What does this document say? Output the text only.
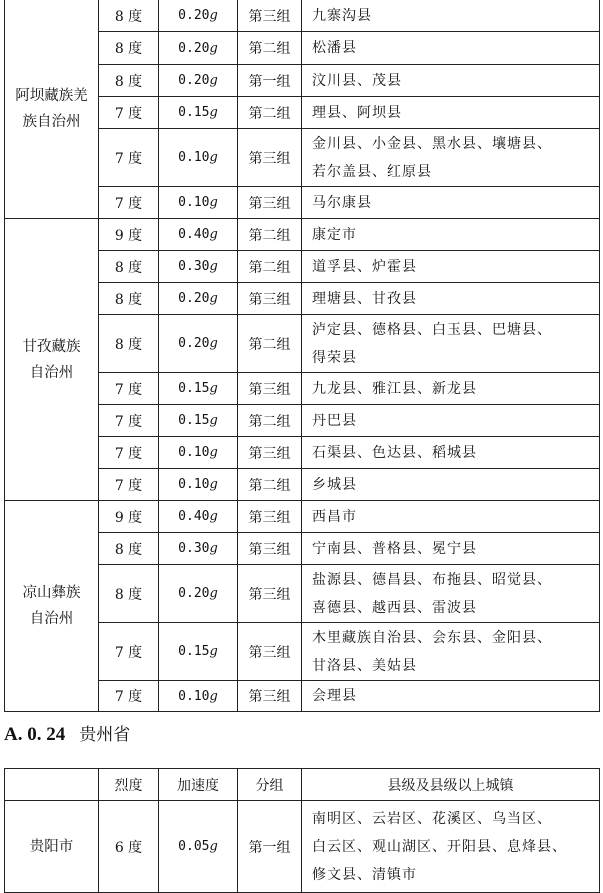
阿坝藏族羌
族自治州	8 度	0.20g	第三组	九寨沟县

	8 度	0.20g	第二组	松潘县

	8 度	0.20g	第一组	汶川县、茂县

	7 度	0.15g	第二组	理县、阿坝县

	7 度	0.10g	第三组	金川县、小金县、黑水县、壤塘县、
若尔盖县、红原县

	7 度	0.10g	第三组	马尔康县

甘孜藏族
自治州	9 度	0.40g	第二组	康定市

	8 度	0.30g	第二组	道孚县、炉霍县

	8 度	0.20g	第三组	理塘县、甘孜县

	8 度	0.20g	第二组	泸定县、德格县、白玉县、巴塘县、
得荣县

	7 度	0.15g	第三组	九龙县、雅江县、新龙县

	7 度	0.15g	第二组	丹巴县

	7 度	0.10g	第三组	石渠县、色达县、稻城县

	7 度	0.10g	第二组	乡城县

凉山彝族
自治州	9 度	0.40g	第三组	西昌市

	8 度	0.30g	第三组	宁南县、普格县、冕宁县

	8 度	0.20g	第三组	盐源县、德昌县、布拖县、昭觉县、
喜德县、越西县、雷波县

	7 度	0.15g	第三组	木里藏族自治县、会东县、金阳县、
甘洛县、美姑县

	7 度	0.10g	第三组	会理县
A. 0. 24 贵州省
	烈度	加速度	分组	县级及县级以上城镇

贵阳市	6 度	0.05g	第一组	南明区、云岩区、花溪区、乌当区、
白云区、观山湖区、开阳县、息烽县、
修文县、清镇市
